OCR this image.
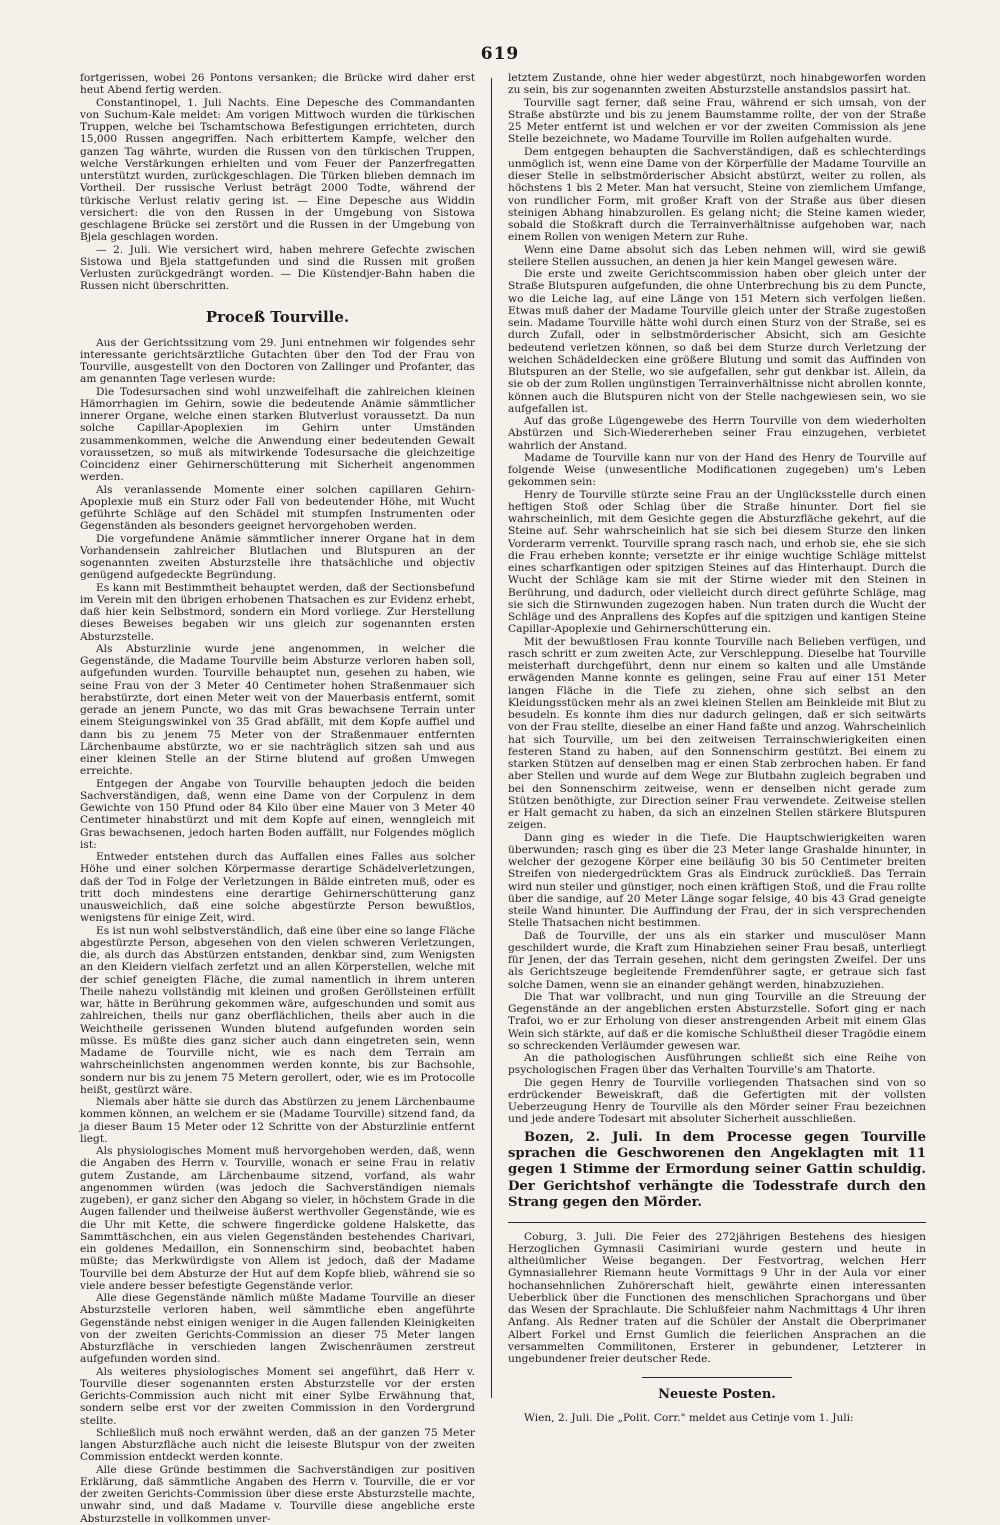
619

fortgerissen, wobei 26 Pontons versanken; die Brücke wird daher erst heut Abend fertig werden.

Constantinopel, 1. Juli Nachts. Eine Depesche des Commandanten von Suchum-Kale meldet: Am vorigen Mittwoch wurden die türkischen Truppen, welche bei Tschamtschowa Befestigungen errichteten, durch 15,000 Russen angegriffen. Nach erbittertem Kampfe, welcher den ganzen Tag währte, wurden die Russen von den türkischen Truppen, welche Verstärkungen erhielten und vom Feuer der Panzerfregatten unterstützt wurden, zurückgeschlagen. Die Türken blieben demnach im Vortheil. Der russische Verlust beträgt 2000 Todte, während der türkische Verlust relativ gering ist. — Eine Depesche aus Widdin versichert: die von den Russen in der Umgebung von Sistowa geschlagene Brücke sei zerstört und die Russen in der Umgebung von Bjela geschlagen worden.

— 2. Juli. Wie versichert wird, haben mehrere Gefechte zwischen Sistowa und Bjela stattgefunden und sind die Russen mit großen Verlusten zurückgedrängt worden. — Die Küstendjer-Bahn haben die Russen nicht überschritten.

Proceß Tourville.

Aus der Gerichtssitzung vom 29. Juni entnehmen wir folgendes sehr interessante gerichtsärztliche Gutachten über den Tod der Frau von Tourville, ausgestellt von den Doctoren von Zallinger und Profanter, das am genannten Tage verlesen wurde:

Die Todesursachen sind wohl unzweifelhaft die zahlreichen kleinen Hämorrhagien im Gehirn, sowie die bedeutende Anämie sämmtlicher innerer Organe, welche einen starken Blutverlust voraussetzt. Da nun solche Capillar-Apoplexien im Gehirn unter Umständen zusammenkommen, welche die Anwendung einer bedeutenden Gewalt voraussetzen, so muß als mitwirkende Todesursache die gleichzeitige Coincidenz einer Gehirnerschütterung mit Sicherheit angenommen werden.

Als veranlassende Momente einer solchen capillaren Gehirn-Apoplexie muß ein Sturz oder Fall von bedeutender Höhe, mit Wucht geführte Schläge auf den Schädel mit stumpfen Instrumenten oder Gegenständen als besonders geeignet hervorgehoben werden.

Die vorgefundene Anämie sämmtlicher innerer Organe hat in dem Vorhandensein zahlreicher Blutlachen und Blutspuren an der sogenannten zweiten Absturzstelle ihre thatsächliche und objectiv genügend aufgedeckte Begründung.

Es kann mit Bestimmtheit behauptet werden, daß der Sectionsbefund im Verein mit den übrigen erhobenen Thatsachen es zur Evidenz erhebt, daß hier kein Selbstmord, sondern ein Mord vorliege. Zur Herstellung dieses Beweises begaben wir uns gleich zur sogenannten ersten Absturzstelle.

Als Absturzlinie wurde jene angenommen, in welcher die Gegenstände, die Madame Tourville beim Absturze verloren haben soll, aufgefunden wurden. Tourville behauptet nun, gesehen zu haben, wie seine Frau von der 3 Meter 40 Centimeter hohen Straßenmauer sich herabstürzte, dort einen Meter weit von der Mauerbasis entfernt, somit gerade an jenem Puncte, wo das mit Gras bewachsene Terrain unter einem Steigungswinkel von 35 Grad abfällt, mit dem Kopfe auffiel und dann bis zu jenem 75 Meter von der Straßenmauer entfernten Lärchenbaume abstürzte, wo er sie nachträglich sitzen sah und aus einer kleinen Stelle an der Stirne blutend auf großen Umwegen erreichte.

Entgegen der Angabe von Tourville behaupten jedoch die beiden Sachverständigen, daß, wenn eine Dame von der Corpulenz in dem Gewichte von 150 Pfund oder 84 Kilo über eine Mauer von 3 Meter 40 Centimeter hinabstürzt und mit dem Kopfe auf einen, wenngleich mit Gras bewachsenen, jedoch harten Boden auffällt, nur Folgendes möglich ist:

Entweder entstehen durch das Auffallen eines Falles aus solcher Höhe und einer solchen Körpermasse derartige Schädelverletzungen, daß der Tod in Folge der Verletzungen in Bälde eintreten muß, oder es tritt doch mindestens eine derartige Gehirnerschütterung ganz unausweichlich, daß eine solche abgestürzte Person bewußtlos, wenigstens für einige Zeit, wird.

Es ist nun wohl selbstverständlich, daß eine über eine so lange Fläche abgestürzte Person, abgesehen von den vielen schweren Verletzungen, die, als durch das Abstürzen entstanden, denkbar sind, zum Wenigsten an den Kleidern vielfach zerfetzt und an allen Körperstellen, welche mit der schief geneigten Fläche, die zumal namentlich in ihrem unteren Theile nahezu vollständig mit kleinen und großen Geröllsteinen erfüllt war, hätte in Berührung gekommen wäre, aufgeschunden und somit aus zahlreichen, theils nur ganz oberflächlichen, theils aber auch in die Weichtheile gerissenen Wunden blutend aufgefunden worden sein müsse. Es müßte dies ganz sicher auch dann eingetreten sein, wenn Madame de Tourville nicht, wie es nach dem Terrain am wahrscheinlichsten angenommen werden konnte, bis zur Bachsohle, sondern nur bis zu jenem 75 Metern gerollert, oder, wie es im Protocolle heißt, gestürzt wäre.

Niemals aber hätte sie durch das Abstürzen zu jenem Lärchenbaume kommen können, an welchem er sie (Madame Tourville) sitzend fand, da ja dieser Baum 15 Meter oder 12 Schritte von der Absturzlinie entfernt liegt.

Als physiologisches Moment muß hervorgehoben werden, daß, wenn die Angaben des Herrn v. Tourville, wonach er seine Frau in relativ gutem Zustande, am Lärchenbaume sitzend, vorfand, als wahr angenommen würden (was jedoch die Sachverständigen niemals zugeben), er ganz sicher den Abgang so vieler, in höchstem Grade in die Augen fallender und theilweise äußerst werthvoller Gegenstände, wie es die Uhr mit Kette, die schwere fingerdicke goldene Halskette, das Sammttäschchen, ein aus vielen Gegenständen bestehendes Charivari, ein goldenes Medaillon, ein Sonnenschirm sind, beobachtet haben müßte; das Merkwürdigste von Allem ist jedoch, daß der Madame Tourville bei dem Absturze der Hut auf dem Kopfe blieb, während sie so viele andere besser befestigte Gegenstände verlor.

Alle diese Gegenstände nämlich müßte Madame Tourville an dieser Absturzstelle verloren haben, weil sämmtliche eben angeführte Gegenstände nebst einigen weniger in die Augen fallenden Kleinigkeiten von der zweiten Gerichts-Commission an dieser 75 Meter langen Absturzfläche in verschieden langen Zwischenräumen zerstreut aufgefunden worden sind.

Als weiteres physiologisches Moment sei angeführt, daß Herr v. Tourville dieser sogenannten ersten Absturzstelle vor der ersten Gerichts-Commission auch nicht mit einer Sylbe Erwähnung that, sondern selbe erst vor der zweiten Commission in den Vordergrund stellte.

Schließlich muß noch erwähnt werden, daß an der ganzen 75 Meter langen Absturzfläche auch nicht die leiseste Blutspur von der zweiten Commission entdeckt werden konnte.

Alle diese Gründe bestimmen die Sachverständigen zur positiven Erklärung, daß sämmtliche Angaben des Herrn v. Tourville, die er vor der zweiten Gerichts-Commission über diese erste Absturzstelle machte, unwahr sind, und daß Madame v. Tourville diese angebliche erste Absturzstelle in vollkommen unver-

letztem Zustande, ohne hier weder abgestürzt, noch hinabgeworfen worden zu sein, bis zur sogenannten zweiten Absturzstelle anstandslos passirt hat.

Tourville sagt ferner, daß seine Frau, während er sich umsah, von der Straße abstürzte und bis zu jenem Baumstamme rollte, der von der Straße 25 Meter entfernt ist und welchen er vor der zweiten Commission als jene Stelle bezeichnete, wo Madame Tourville im Rollen aufgehalten wurde.

Dem entgegen behaupten die Sachverständigen, daß es schlechterdings unmöglich ist, wenn eine Dame von der Körperfülle der Madame Tourville an dieser Stelle in selbstmörderischer Absicht abstürzt, weiter zu rollen, als höchstens 1 bis 2 Meter. Man hat versucht, Steine von ziemlichem Umfange, von rundlicher Form, mit großer Kraft von der Straße aus über diesen steinigen Abhang hinabzurollen. Es gelang nicht; die Steine kamen wieder, sobald die Stoßkraft durch die Terrainverhältnisse aufgehoben war, nach einem Rollen von wenigen Metern zur Ruhe.

Wenn eine Dame absolut sich das Leben nehmen will, wird sie gewiß steilere Stellen aussuchen, an denen ja hier kein Mangel gewesen wäre.

Die erste und zweite Gerichtscommission haben ober gleich unter der Straße Blutspuren aufgefunden, die ohne Unterbrechung bis zu dem Puncte, wo die Leiche lag, auf eine Länge von 151 Metern sich verfolgen ließen. Etwas muß daher der Madame Tourville gleich unter der Straße zugestoßen sein. Madame Tourville hätte wohl durch einen Sturz von der Straße, sei es durch Zufall, oder in selbstmörderischer Absicht, sich am Gesichte bedeutend verletzen können, so daß bei dem Sturze durch Verletzung der weichen Schädeldecken eine größere Blutung und somit das Auffinden von Blutspuren an der Stelle, wo sie aufgefallen, sehr gut denkbar ist. Allein, da sie ob der zum Rollen ungünstigen Terrainverhältnisse nicht abrollen konnte, können auch die Blutspuren nicht von der Stelle nachgewiesen sein, wo sie aufgefallen ist.

Auf das große Lügengewebe des Herrn Tourville von dem wiederholten Abstürzen und Sich-Wiedererheben seiner Frau einzugehen, verbietet wahrlich der Anstand.

Madame de Tourville kann nur von der Hand des Henry de Tourville auf folgende Weise (unwesentliche Modificationen zugegeben) um's Leben gekommen sein:

Henry de Tourville stürzte seine Frau an der Unglücksstelle durch einen heftigen Stoß oder Schlag über die Straße hinunter. Dort fiel sie wahrscheinlich, mit dem Gesichte gegen die Absturzfläche gekehrt, auf die Steine auf. Sehr wahrscheinlich hat sie sich bei diesem Sturze den linken Vorderarm verrenkt. Tourville sprang rasch nach, und erhob sie, ehe sie sich die Frau erheben konnte; versetzte er ihr einige wuchtige Schläge mittelst eines scharfkantigen oder spitzigen Steines auf das Hinterhaupt. Durch die Wucht der Schläge kam sie mit der Stirne wieder mit den Steinen in Berührung, und dadurch, oder vielleicht durch direct geführte Schläge, mag sie sich die Stirnwunden zugezogen haben. Nun traten durch die Wucht der Schläge und des Anprallens des Kopfes auf die spitzigen und kantigen Steine Capillar-Apoplexie und Gehirnerschütterung ein.

Mit der bewußtlosen Frau konnte Tourville nach Belieben verfügen, und rasch schritt er zum zweiten Acte, zur Verschleppung. Dieselbe hat Tourville meisterhaft durchgeführt, denn nur einem so kalten und alle Umstände erwägenden Manne konnte es gelingen, seine Frau auf einer 151 Meter langen Fläche in die Tiefe zu ziehen, ohne sich selbst an den Kleidungsstücken mehr als an zwei kleinen Stellen am Beinkleide mit Blut zu besudeln. Es konnte ihm dies nur dadurch gelingen, daß er sich seitwärts von der Frau stellte, dieselbe an einer Hand faßte und anzog. Wahrscheinlich hat sich Tourville, um bei den zeitweisen Terrainschwierigkeiten einen festeren Stand zu haben, auf den Sonnenschirm gestützt. Bei einem zu starken Stützen auf denselben mag er einen Stab zerbrochen haben. Er fand aber Stellen und wurde auf dem Wege zur Blutbahn zugleich begraben und bei den Sonnenschirm zeitweise, wenn er denselben nicht gerade zum Stützen benöthigte, zur Direction seiner Frau verwendete. Zeitweise stellen er Halt gemacht zu haben, da sich an einzelnen Stellen stärkere Blutspuren zeigen.

Dann ging es wieder in die Tiefe. Die Hauptschwierigkeiten waren überwunden; rasch ging es über die 23 Meter lange Grashalde hinunter, in welcher der gezogene Körper eine beiläufig 30 bis 50 Centimeter breiten Streifen von niedergedrücktem Gras als Eindruck zurückließ. Das Terrain wird nun steiler und günstiger, noch einen kräftigen Stoß, und die Frau rollte über die sandige, auf 20 Meter Länge sogar felsige, 40 bis 43 Grad geneigte steile Wand hinunter. Die Auffindung der Frau, der in sich versprechenden Stelle Thatsachen nicht bestimmen.

Daß de Tourville, der uns als ein starker und musculöser Mann geschildert wurde, die Kraft zum Hinabziehen seiner Frau besaß, unterliegt für Jenen, der das Terrain gesehen, nicht dem geringsten Zweifel. Der uns als Gerichtszeuge begleitende Fremdenführer sagte, er getraue sich fast solche Damen, wenn sie an einander gehängt werden, hinabzuziehen.

Die That war vollbracht, und nun ging Tourville an die Streuung der Gegenstände an der angeblichen ersten Absturzstelle. Sofort ging er nach Trafoi, wo er zur Erholung von dieser anstrengenden Arbeit mit einem Glas Wein sich stärkte, auf daß er die komische Schlußtheil dieser Tragödie einem so schreckenden Verläumder gewesen war.

An die pathologischen Ausführungen schließt sich eine Reihe von psychologischen Fragen über das Verhalten Tourville's am Thatorte.

Die gegen Henry de Tourville vorliegenden Thatsachen sind von so erdrückender Beweiskraft, daß die Gefertigten mit der vollsten Ueberzeugung Henry de Tourville als den Mörder seiner Frau bezeichnen und jede andere Todesart mit absoluter Sicherheit ausschließen.

Bozen, 2. Juli. In dem Processe gegen Tourville sprachen die Geschworenen den Angeklagten mit 11 gegen 1 Stimme der Ermordung seiner Gattin schuldig. Der Gerichtshof verhängte die Todesstrafe durch den Strang gegen den Mörder.

Coburg, 3. Juli. Die Feier des 272jährigen Bestehens des hiesigen Herzoglichen Gymnasii Casimiriani wurde gestern und heute in altheiümlicher Weise begangen. Der Festvortrag, welchen Herr Gymnasiallehrer Riemann heute Vormittags 9 Uhr in der Aula vor einer hochansehnlichen Zuhörerschaft hielt, gewährte einen interessanten Ueberblick über die Functionen des menschlichen Sprachorgans und über das Wesen der Sprachlaute. Die Schlußfeier nahm Nachmittags 4 Uhr ihren Anfang. Als Redner traten auf die Schüler der Anstalt die Oberprimaner Albert Forkel und Ernst Gumlich die feierlichen Ansprachen an die versammelten Commilitonen, Ersterer in gebundener, Letzterer in ungebundener freier deutscher Rede.

Neueste Posten.

Wien, 2. Juli. Die „Polit. Corr." meldet aus Cetinje vom 1. Juli:
